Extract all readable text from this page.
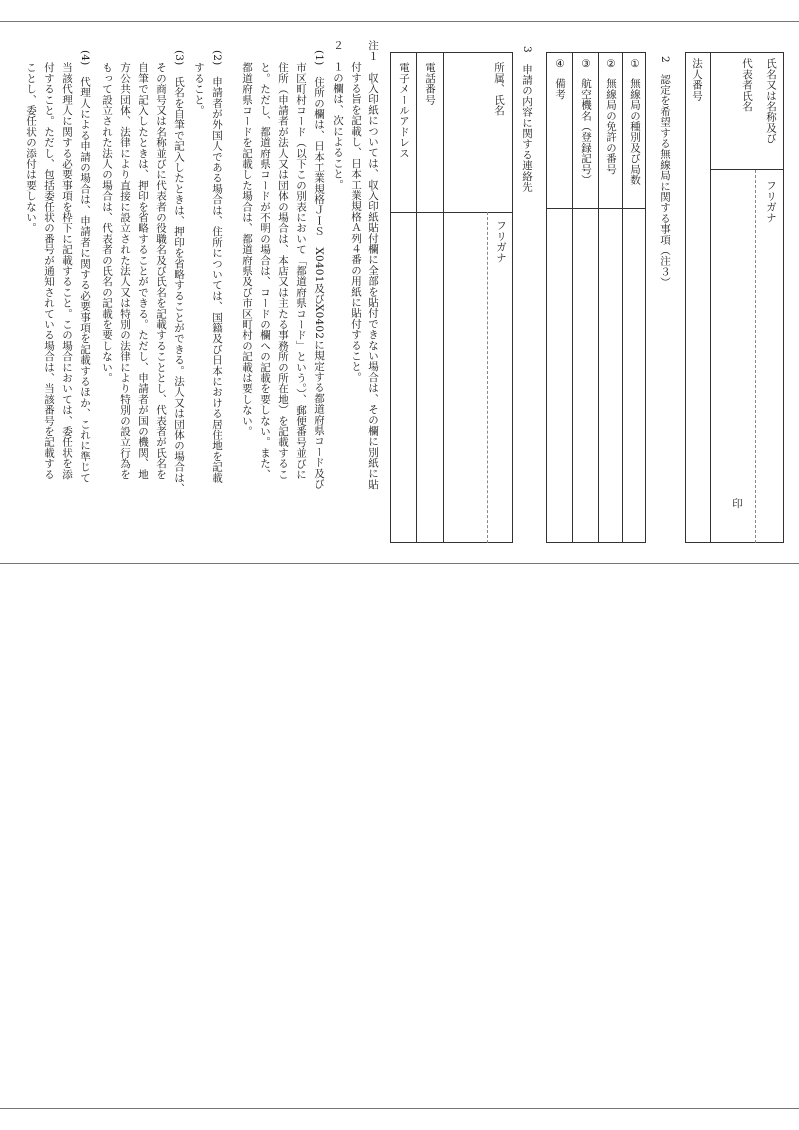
氏名又は名称及び
代表者氏名
フリガナ
印
法人番号
2　認定を希望する無線局に関する事項（注３）
①
無線局の種別及び局数
②
無線局の免許の番号
③
航空機名（登録記号）
④
備考
3　申請の内容に関する連絡先
所属、氏名
フリガナ
電話番号
電子メールアドレス
注１　収入印紙については、収入印紙貼付欄に全部を貼付できない場合は、その欄に別紙に貼
　　付する旨を記載し、日本工業規格Ａ列４番の用紙に貼付すること。
２　１の欄は、次によること。
(1)　住所の欄は、日本工業規格ＪＩＳ　X0401及びX0402に規定する都道府県コード及び
市区町村コード（以下この別表において「都道府県コード」という。）、郵便番号並びに
住所（申請者が法人又は団体の場合は、本店又は主たる事務所の所在地）を記載するこ
と。ただし、都道府県コードが不明の場合は、コードの欄への記載を要しない。また、
都道府県コードを記載した場合は、都道府県及び市区町村の記載は要しない。
(2)　申請者が外国人である場合は、住所については、国籍及び日本における居住地を記載
すること。
(3)　氏名を自筆で記入したときは、押印を省略することができる。法人又は団体の場合は、
その商号又は名称並びに代表者の役職名及び氏名を記載することとし、代表者が氏名を
自筆で記入したときは、押印を省略することができる。ただし、申請者が国の機関、地
方公共団体、法律により直接に設立された法人又は特別の法律により特別の設立行為を
もって設立された法人の場合は、代表者の氏名の記載を要しない。
(4)　代理人による申請の場合は、申請者に関する必要事項を記載するほか、これに準じて
当該代理人に関する必要事項を枠下に記載すること。この場合においては、委任状を添
付すること。ただし、包括委任状の番号が通知されている場合は、当該番号を記載する
ことし、委任状の添付は要しない。
